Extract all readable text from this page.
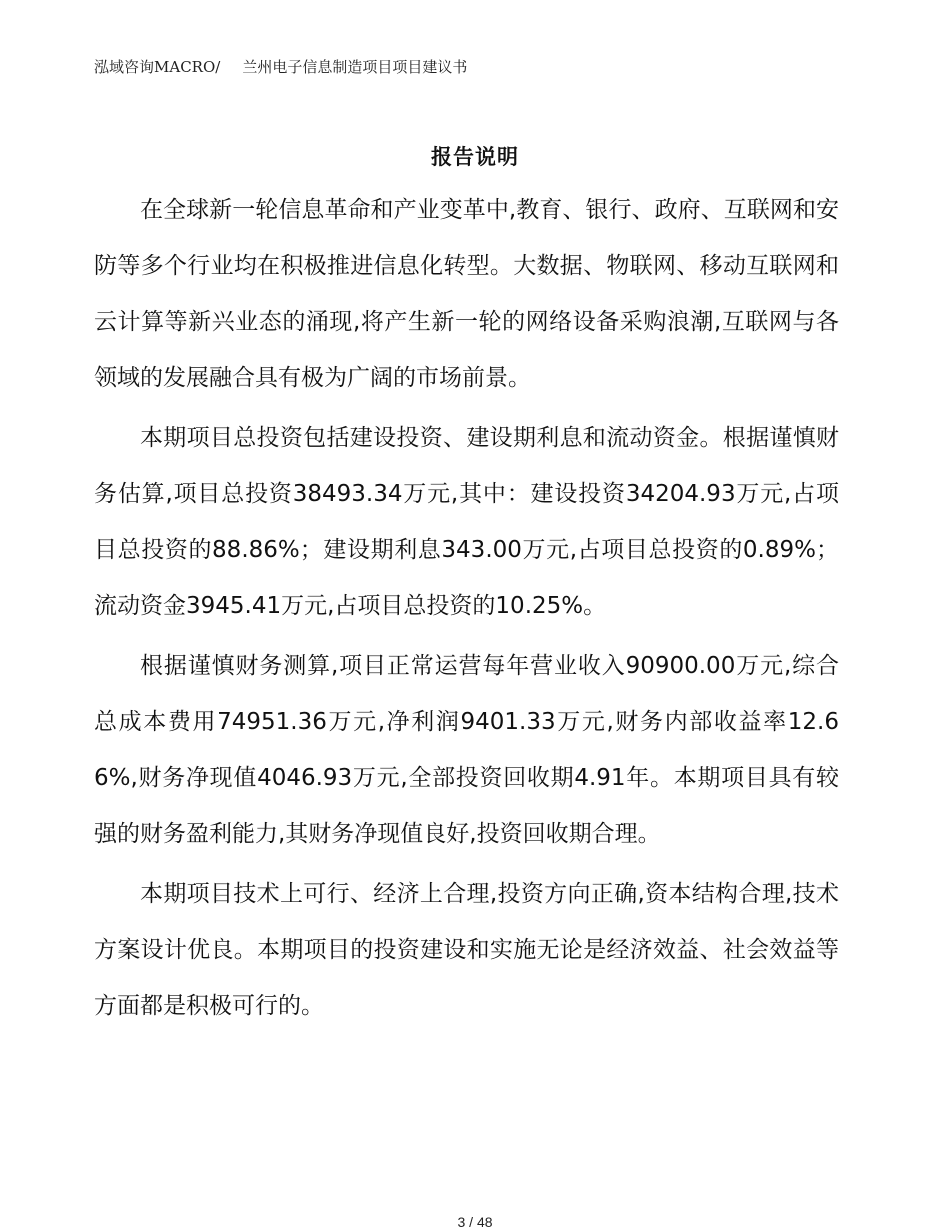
泓域咨询MACRO/ 兰州电子信息制造项目项目建议书
报告说明

在全球新一轮信息革命和产业变革中,教育、银行、政府、互联网和安防等多个行业均在积极推进信息化转型。大数据、物联网、移动互联网和云计算等新兴业态的涌现,将产生新一轮的网络设备采购浪潮,互联网与各领域的发展融合具有极为广阔的市场前景。

本期项目总投资包括建设投资、建设期利息和流动资金。根据谨慎财务估算,项目总投资38493.34万元,其中：建设投资34204.93万元,占项目总投资的88.86%；建设期利息343.00万元,占项目总投资的0.89%；流动资金3945.41万元,占项目总投资的10.25%。

根据谨慎财务测算,项目正常运营每年营业收入90900.00万元,综合总成本费用74951.36万元,净利润9401.33万元,财务内部收益率12.66%,财务净现值4046.93万元,全部投资回收期4.91年。本期项目具有较强的财务盈利能力,其财务净现值良好,投资回收期合理。

本期项目技术上可行、经济上合理,投资方向正确,资本结构合理,技术方案设计优良。本期项目的投资建设和实施无论是经济效益、社会效益等方面都是积极可行的。

3 / 48
